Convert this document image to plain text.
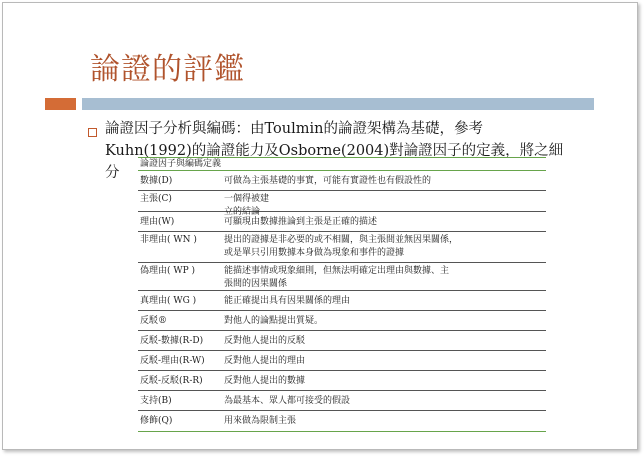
論證的評鑑
論證因子分析與編碼：由Toulmin的論證架構為基礎，參考
Kuhn(1992)的論證能力及Osborne(2004)對論證因子的定義，將之細
分
論證因子與編碼定義
數據(D)	可做為主張基礎的事實，可能有實證性也有假設性的
主張(C)	一個得被建
立的結論
理由(W)	可顯現由數據推論到主張是正確的描述
非理由( WN )	提出的證據是非必要的或不相關，與主張間並無因果關係，
或是單只引用數據本身做為現象和事件的證據
偽理由( WP )	能描述事情或現象細則，但無法明確定出理由與數據、主
張間的因果關係
真理由( WG )	能正確提出具有因果關係的理由
反駁®	對他人的論點提出質疑。
反駁-數據(R-D)	反對他人提出的反駁
反駁-理由(R-W)	反對他人提出的理由
反駁-反駁(R-R)	反對他人提出的數據
支持(B)	為最基本、眾人都可接受的假設
修飾(Q)	用來做為限制主張
